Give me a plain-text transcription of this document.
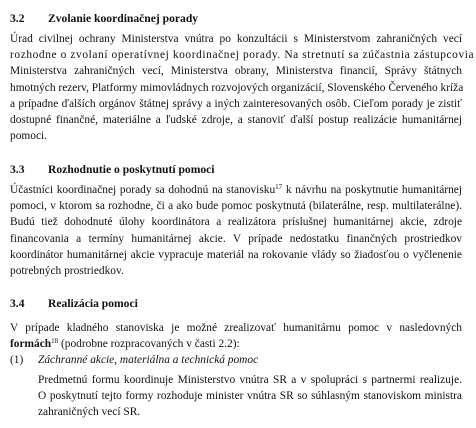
3.2 Zvolanie koordinačnej porady
Úrad civilnej ochrany Ministerstva vnútra po konzultácii s Ministerstvom zahraničných vecí
rozhodne o zvolaní operatívnej koordinačnej porady. Na stretnutí sa zúčastnia zástupcovia
Ministerstva zahraničných vecí, Ministerstva obrany, Ministerstva financií, Správy štátnych
hmotných rezerv, Platformy mimovládnych rozvojových organizácií, Slovenského Červeného kríža
a prípadne ďalších orgánov štátnej správy a iných zainteresovaných osôb. Cieľom porady je zistiť
dostupné finančné, materiálne a ľudské zdroje, a stanoviť ďalší postup realizácie humanitárnej
pomoci.
3.3 Rozhodnutie o poskytnutí pomoci
Účastníci koordinačnej porady sa dohodnú na stanovisku$^{17}$ k návrhu na poskytnutie humanitárnej
pomoci, v ktorom sa rozhodne, či a ako bude pomoc poskytnutá (bilaterálne, resp. multilaterálne).
Budú tiež dohodnuté úlohy koordinátora a realizátora príslušnej humanitárnej akcie, zdroje
financovania a termíny humanitárnej akcie. V prípade nedostatku finančných prostriedkov
koordinátor humanitárnej akcie vypracuje materiál na rokovanie vlády so žiadosťou o vyčlenenie
potrebných prostriedkov.
3.4 Realizácia pomoci
V prípade kladného stanoviska je možné zrealizovať humanitárnu pomoc v nasledovných
formách$^{18}$ (podrobne rozpracovaných v časti 2.2):
(1)	Záchranné akcie, materiálna a technická pomoc
Predmetnú formu koordinuje Ministerstvo vnútra SR a v spolupráci s partnermi realizuje.
O poskytnutí tejto formy rozhoduje minister vnútra SR so súhlasným stanoviskom ministra
zahraničných vecí SR.
